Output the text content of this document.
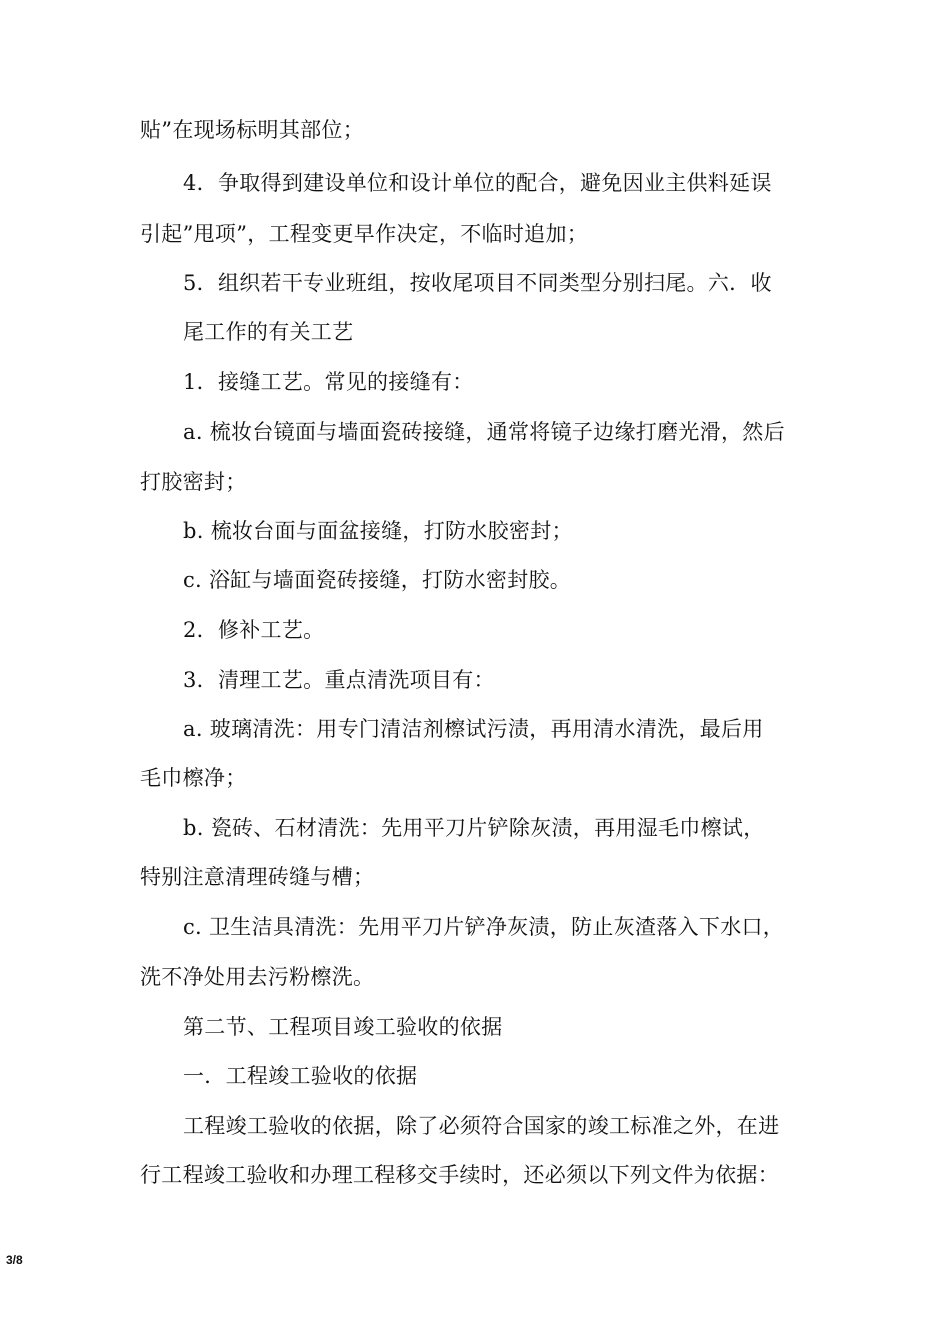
贴”在现场标明其部位；
4．争取得到建设单位和设计单位的配合，避免因业主供料延误
引起”甩项”，工程变更早作决定，不临时追加；
5．组织若干专业班组，按收尾项目不同类型分别扫尾。六．收
尾工作的有关工艺
1．接缝工艺。常见的接缝有：
a. 梳妆台镜面与墙面瓷砖接缝，通常将镜子边缘打磨光滑，然后
打胶密封；
b. 梳妆台面与面盆接缝，打防水胶密封；
c. 浴缸与墙面瓷砖接缝，打防水密封胶。
2．修补工艺。
3．清理工艺。重点清洗项目有：
a. 玻璃清洗：用专门清洁剂檫试污渍，再用清水清洗，最后用
毛巾檫净；
b. 瓷砖、石材清洗：先用平刀片铲除灰渍，再用湿毛巾檫试，
特别注意清理砖缝与槽；
c. 卫生洁具清洗：先用平刀片铲净灰渍，防止灰渣落入下水口，
洗不净处用去污粉檫洗。
第二节、工程项目竣工验收的依据
一．工程竣工验收的依据
工程竣工验收的依据，除了必须符合国家的竣工标准之外，在进
行工程竣工验收和办理工程移交手续时，还必须以下列文件为依据：
3/8
